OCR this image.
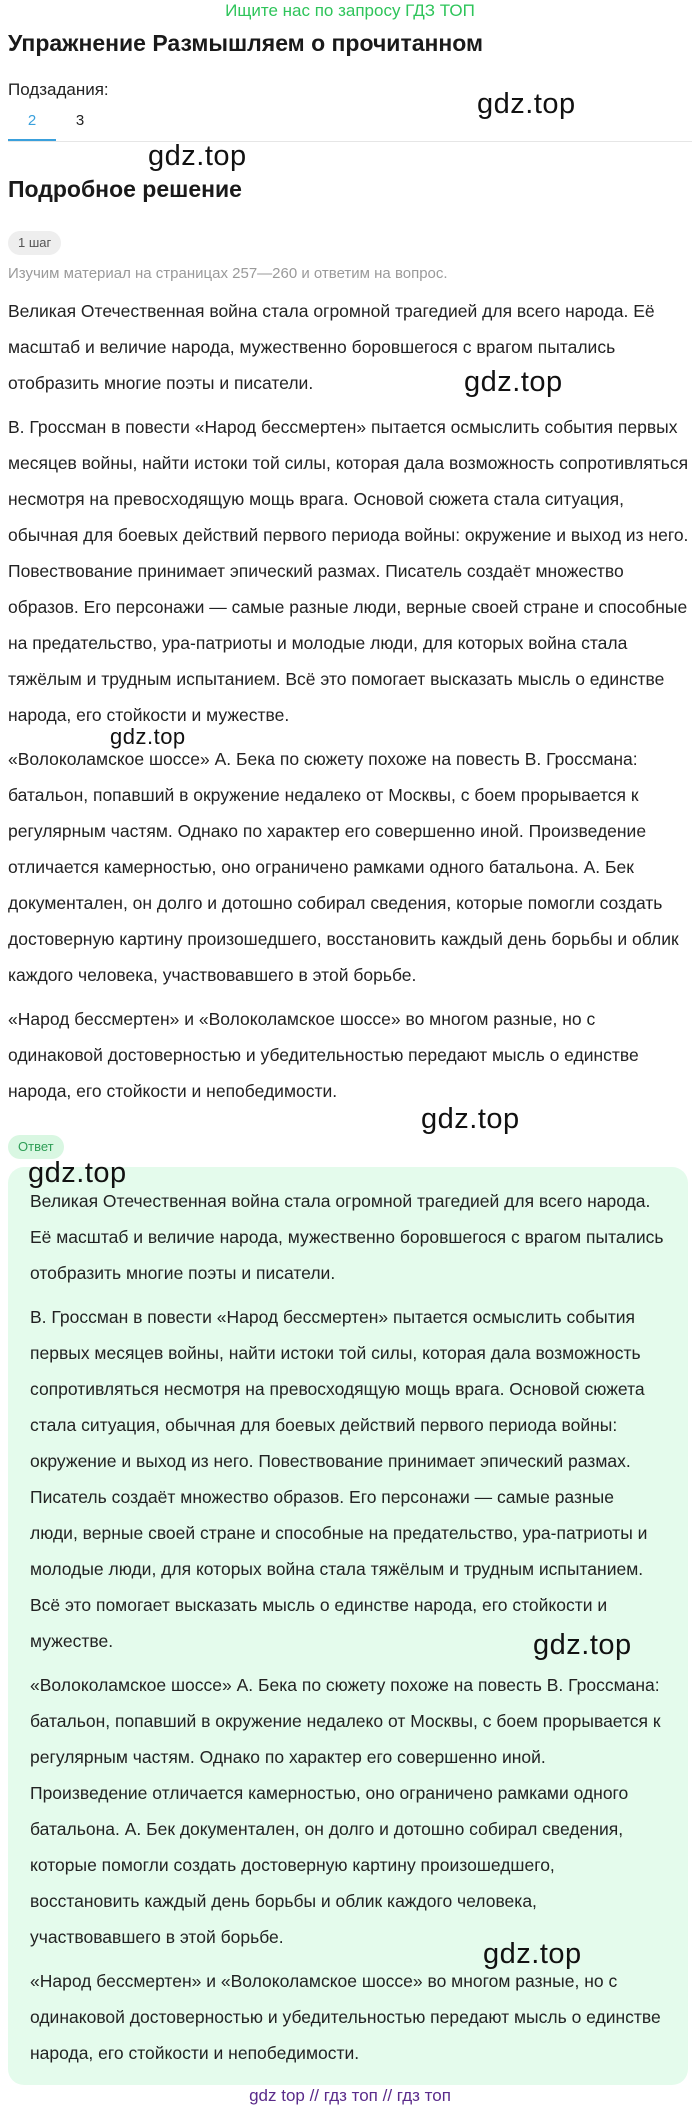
Ищите нас по запросу ГДЗ ТОП
Упражнение Размышляем о прочитанном
Подзадания:
2	3
Подробное решение
1 шаг
Изучим материал на страницах 257—260 и ответим на вопрос.

Великая Отечественная война стала огромной трагедией для всего народа. Её масштаб и величие народа, мужественно боровшегося с врагом пытались отобразить многие поэты и писатели.

В. Гроссман в повести «Народ бессмертен» пытается осмыслить события первых месяцев войны, найти истоки той силы, которая дала возможность сопротивляться несмотря на превосходящую мощь врага. Основой сюжета стала ситуация, обычная для боевых действий первого периода войны: окружение и выход из него. Повествование принимает эпический размах. Писатель создаёт множество образов. Его персонажи — самые разные люди, верные своей стране и способные на предательство, ура-патриоты и молодые люди, для которых война стала тяжёлым и трудным испытанием. Всё это помогает высказать мысль о единстве народа, его стойкости и мужестве.

«Волоколамское шоссе» А. Бека по сюжету похоже на повесть В. Гроссмана: батальон, попавший в окружение недалеко от Москвы, с боем прорывается к регулярным частям. Однако по характер его совершенно иной. Произведение отличается камерностью, оно ограничено рамками одного батальона. А. Бек документален, он долго и дотошно собирал сведения, которые помогли создать достоверную картину произошедшего, восстановить каждый день борьбы и облик каждого человека, участвовавшего в этой борьбе.

«Народ бессмертен» и «Волоколамское шоссе» во многом разные, но с одинаковой достоверностью и убедительностью передают мысль о единстве народа, его стойкости и непобедимости.

Ответ

Великая Отечественная война стала огромной трагедией для всего народа. Её масштаб и величие народа, мужественно боровшегося с врагом пытались отобразить многие поэты и писатели.

В. Гроссман в повести «Народ бессмертен» пытается осмыслить события первых месяцев войны, найти истоки той силы, которая дала возможность сопротивляться несмотря на превосходящую мощь врага. Основой сюжета стала ситуация, обычная для боевых действий первого периода войны: окружение и выход из него. Повествование принимает эпический размах. Писатель создаёт множество образов. Его персонажи — самые разные люди, верные своей стране и способные на предательство, ура-патриоты и молодые люди, для которых война стала тяжёлым и трудным испытанием. Всё это помогает высказать мысль о единстве народа, его стойкости и мужестве.

«Волоколамское шоссе» А. Бека по сюжету похоже на повесть В. Гроссмана: батальон, попавший в окружение недалеко от Москвы, с боем прорывается к регулярным частям. Однако по характер его совершенно иной. Произведение отличается камерностью, оно ограничено рамками одного батальона. А. Бек документален, он долго и дотошно собирал сведения, которые помогли создать достоверную картину произошедшего, восстановить каждый день борьбы и облик каждого человека, участвовавшего в этой борьбе.

«Народ бессмертен» и «Волоколамское шоссе» во многом разные, но с одинаковой достоверностью и убедительностью передают мысль о единстве народа, его стойкости и непобедимости.

gdz.top
gdz.top
gdz.top
gdz.top
gdz.top
gdz.top
gdz.top
gdz.top
gdz top // гдз топ // гдз топ
